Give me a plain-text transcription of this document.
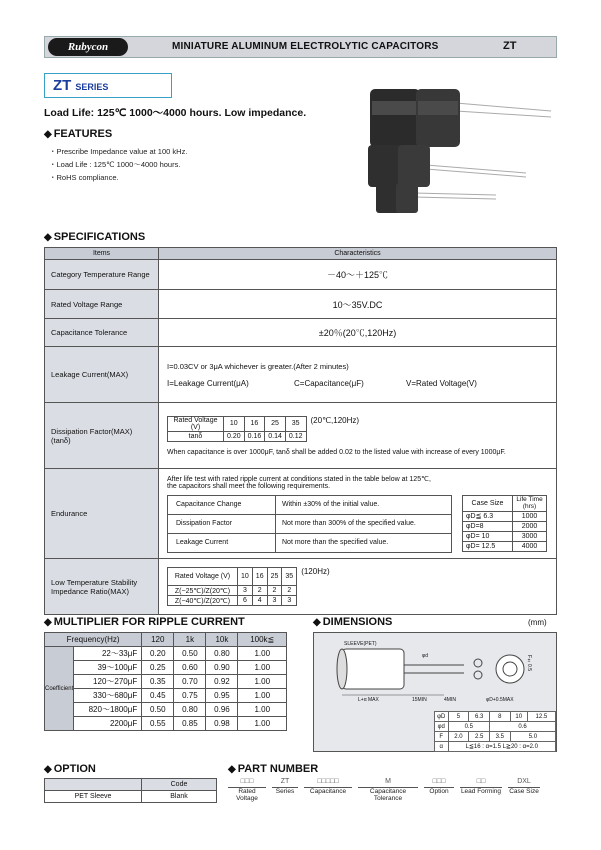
Rubycon	MINIATURE ALUMINUM ELECTROLYTIC CAPACITORS	ZT
ZT SERIES
Load Life: 125℃ 1000～4000 hours. Low impedance.
◆ FEATURES
・Prescribe Impedance value at 100 kHz.
・Load Life : 125℃ 1000～4000 hours.
・RoHS compliance.
◆ SPECIFICATIONS
Items	Characteristics
Category Temperature Range	－40～＋125℃
Rated Voltage Range	10～35V.DC
Capacitance Tolerance	±20％(20℃,120Hz)
Leakage Current(MAX)	
I=0.03CV or 3μA whichever is greater.(After 2 minutes)
I=Leakage Current(μA)	C=Capacitance(μF)	V=Rated Voltage(V)

Dissipation Factor(MAX)
(tanδ)

Rated Voltage (V)	10	16	25	35
tanδ	0.20	0.16	0.14	0.12
(20℃,120Hz)
When capacitance is over 1000μF, tanδ shall be added 0.02 to the listed value with increase of every 1000μF.

Endurance	
After life test with rated ripple current at conditions stated in the table below at 125℃,
the capacitors shall meet the following requirements.
Capacitance Change	Within ±30% of the initial value.
Dissipation Factor	Not more than 300% of the specified value.
Leakage Current	Not more than the specified value.
Case Size	Life Time (hrs)
φD≦ 6.3	1000
φD=8	2000
φD= 10	3000
φD= 12.5	4000

Low Temperature Stability
Impedance Ratio(MAX)

Rated Voltage (V)	10	16	25	35
Z(−25℃)/Z(20℃)	3	2	2	2
Z(−40℃)/Z(20℃)	6	4	3	3
(120Hz)
◆ MULTIPLIER FOR RIPPLE CURRENT
Frequency(Hz)		120	1k	10k	100k≦
Coefficient	22～33μF	0.20	0.50	0.80	1.00
	39～100μF	0.25	0.60	0.90	1.00
	120～270μF	0.35	0.70	0.92	1.00
	330～680μF	0.45	0.75	0.95	1.00
	820～1800μF	0.50	0.80	0.96	1.00
	2200μF	0.55	0.85	0.98	1.00
◆ DIMENSIONS	(mm)
SLEEVE(PET)
φd	F±0.5
L+α MAX	15MIN	4MIN	φD+0.5MAX
φD	5	6.3	8	10	12.5
φd	0.5		0.6		
F	2.0	2.5	3.5	5.0	
α	L≦16 : α=1.5 L≧20 : α=2.0				
◆ OPTION
	Code
PET Sleeve	Blank
◆ PART NUMBER
□□□
Rated Voltage
ZT
Series
□□□□□
Capacitance
M
Capacitance Tolerance
□□□
Option
□□
Lead Forming
DXL
Case Size
